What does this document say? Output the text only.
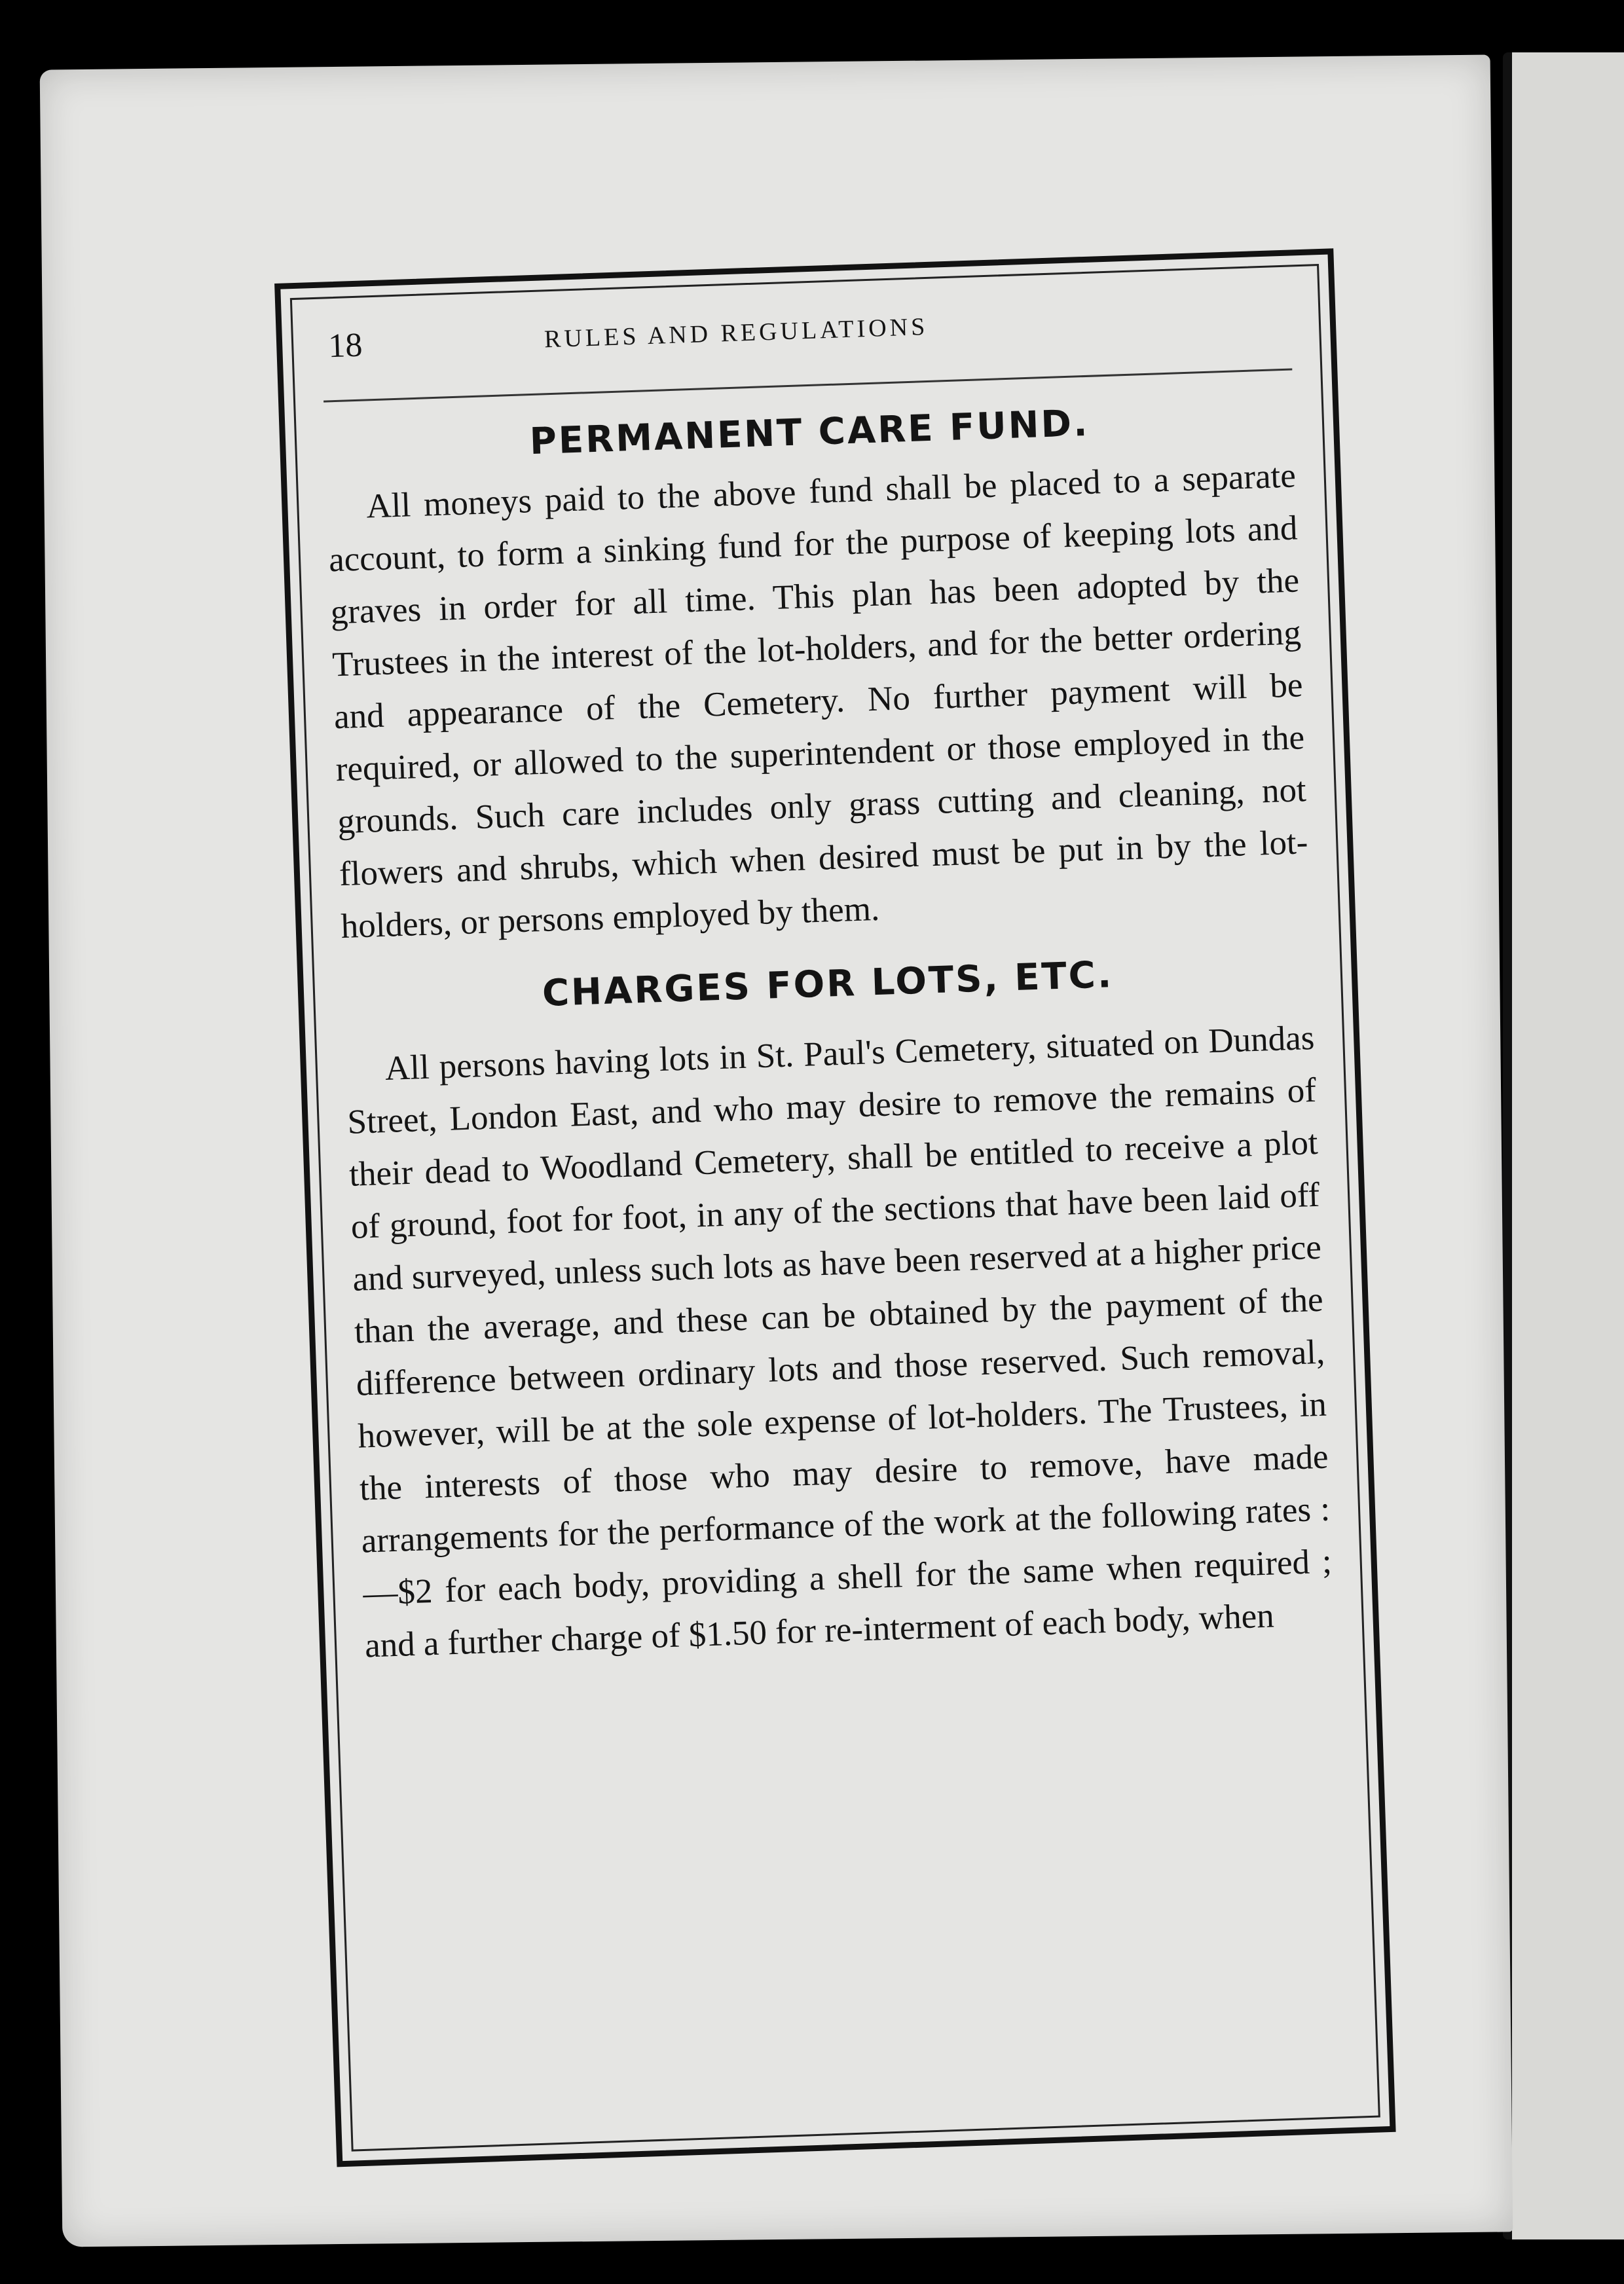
18	RULES AND REGULATIONS
PERMANENT CARE FUND.

All moneys paid to the above fund shall be placed to a separate account, to form a sinking fund for the purpose of keeping lots and graves in order for all time. This plan has been adopted by the Trustees in the interest of the lot-holders, and for the better ordering and appearance of the Cemetery. No further payment will be required, or allowed to the superintendent or those employed in the grounds. Such care includes only grass cutting and cleaning, not flowers and shrubs, which when desired must be put in by the lot-holders, or persons employed by them.

CHARGES FOR LOTS, ETC.

All persons having lots in St. Paul's Cemetery, situated on Dundas Street, London East, and who may desire to remove the remains of their dead to Woodland Cemetery, shall be entitled to receive a plot of ground, foot for foot, in any of the sections that have been laid off and surveyed, unless such lots as have been reserved at a higher price than the average, and these can be obtained by the payment of the difference between ordinary lots and those reserved. Such removal, however, will be at the sole expense of lot-holders. The Trustees, in the interests of those who may desire to remove, have made arrangements for the performance of the work at the following rates :—$2 for each body, providing a shell for the same when required ; and a further charge of $1.50 for re-interment of each body, when
